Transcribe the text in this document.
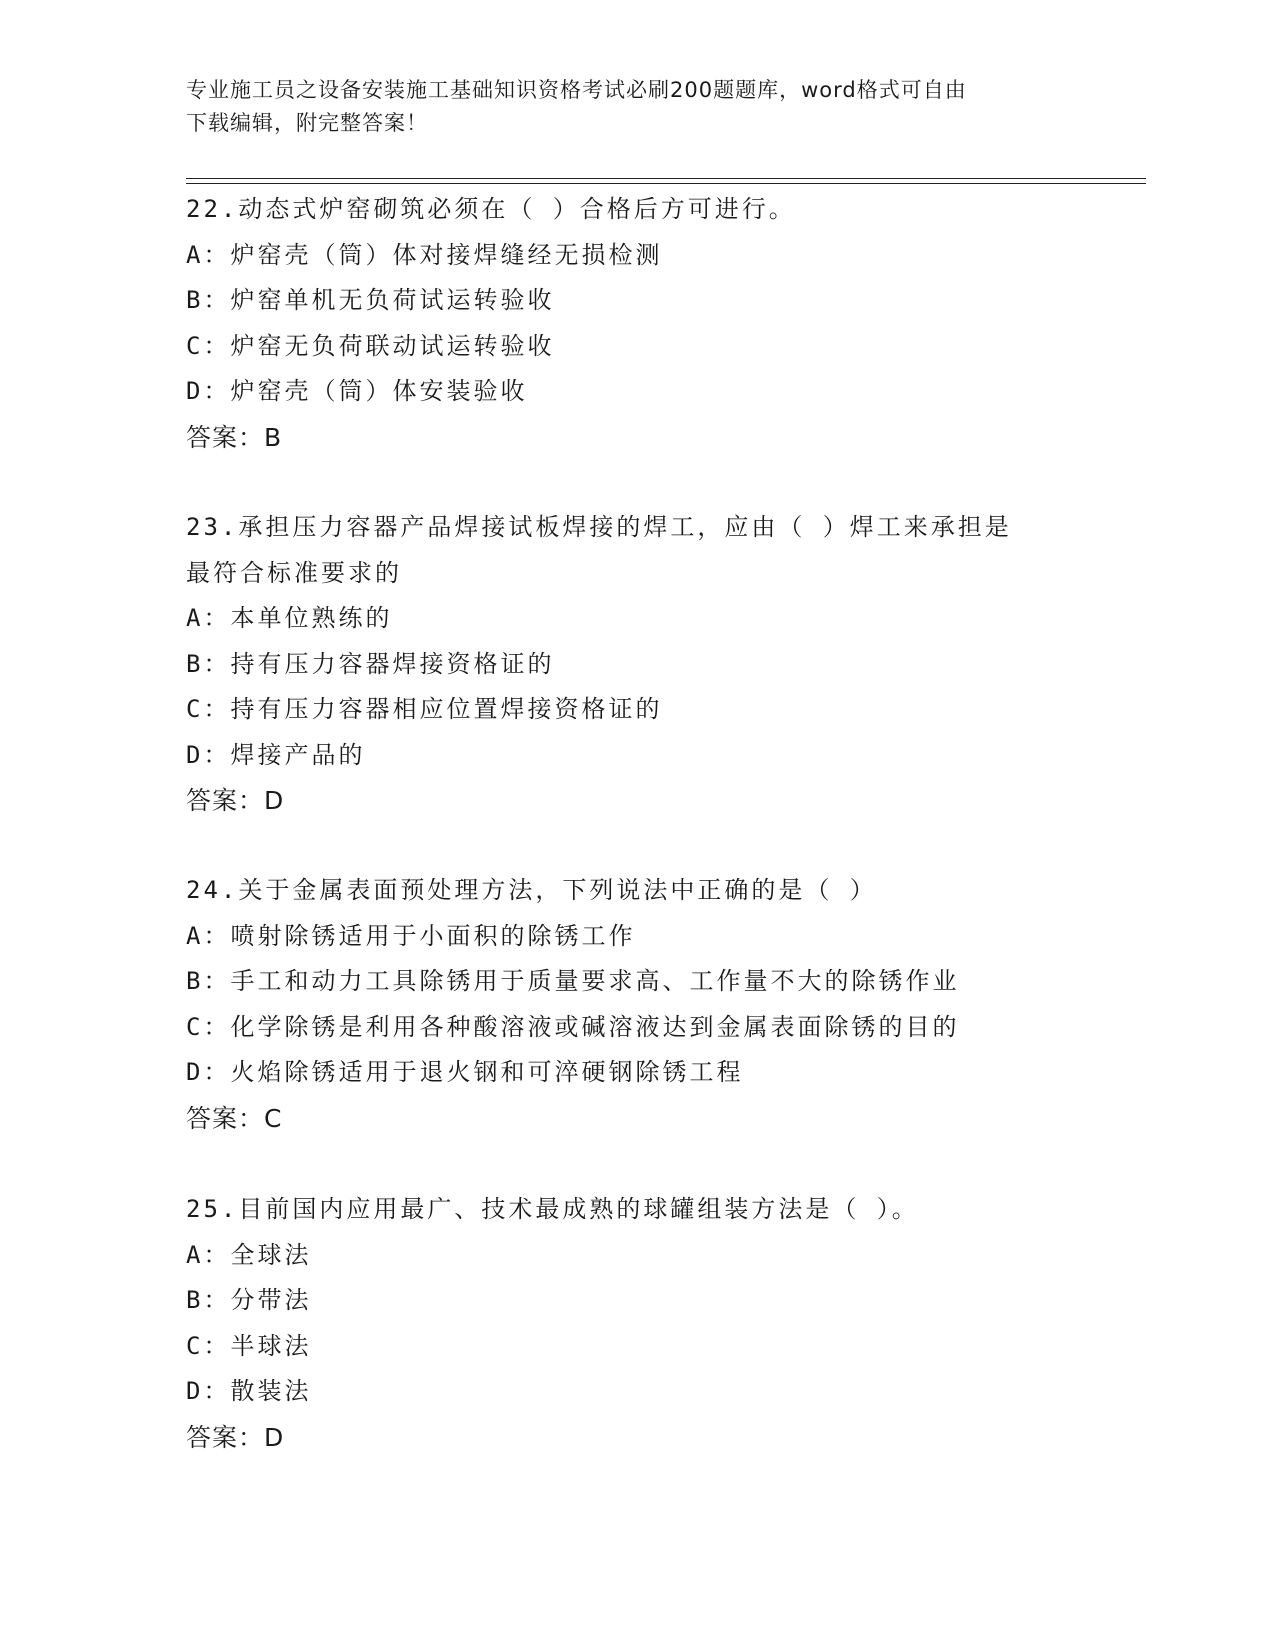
专业施工员之设备安装施工基础知识资格考试必刷200题题库，word格式可自由
下载编辑，附完整答案！
22.动态式炉窑砌筑必须在（ ）合格后方可进行。
A：炉窑壳（筒）体对接焊缝经无损检测
B：炉窑单机无负荷试运转验收
C：炉窑无负荷联动试运转验收
D：炉窑壳（筒）体安装验收
答案：B
23.承担压力容器产品焊接试板焊接的焊工，应由（ ）焊工来承担是最符合标准要求的
A：本单位熟练的
B：持有压力容器焊接资格证的
C：持有压力容器相应位置焊接资格证的
D：焊接产品的
答案：D
24.关于金属表面预处理方法，下列说法中正确的是（ ）
A：喷射除锈适用于小面积的除锈工作
B：手工和动力工具除锈用于质量要求高、工作量不大的除锈作业
C：化学除锈是利用各种酸溶液或碱溶液达到金属表面除锈的目的
D：火焰除锈适用于退火钢和可淬硬钢除锈工程
答案：C
25.目前国内应用最广、技术最成熟的球罐组装方法是（ ）。
A：全球法
B：分带法
C：半球法
D：散装法
答案：D
